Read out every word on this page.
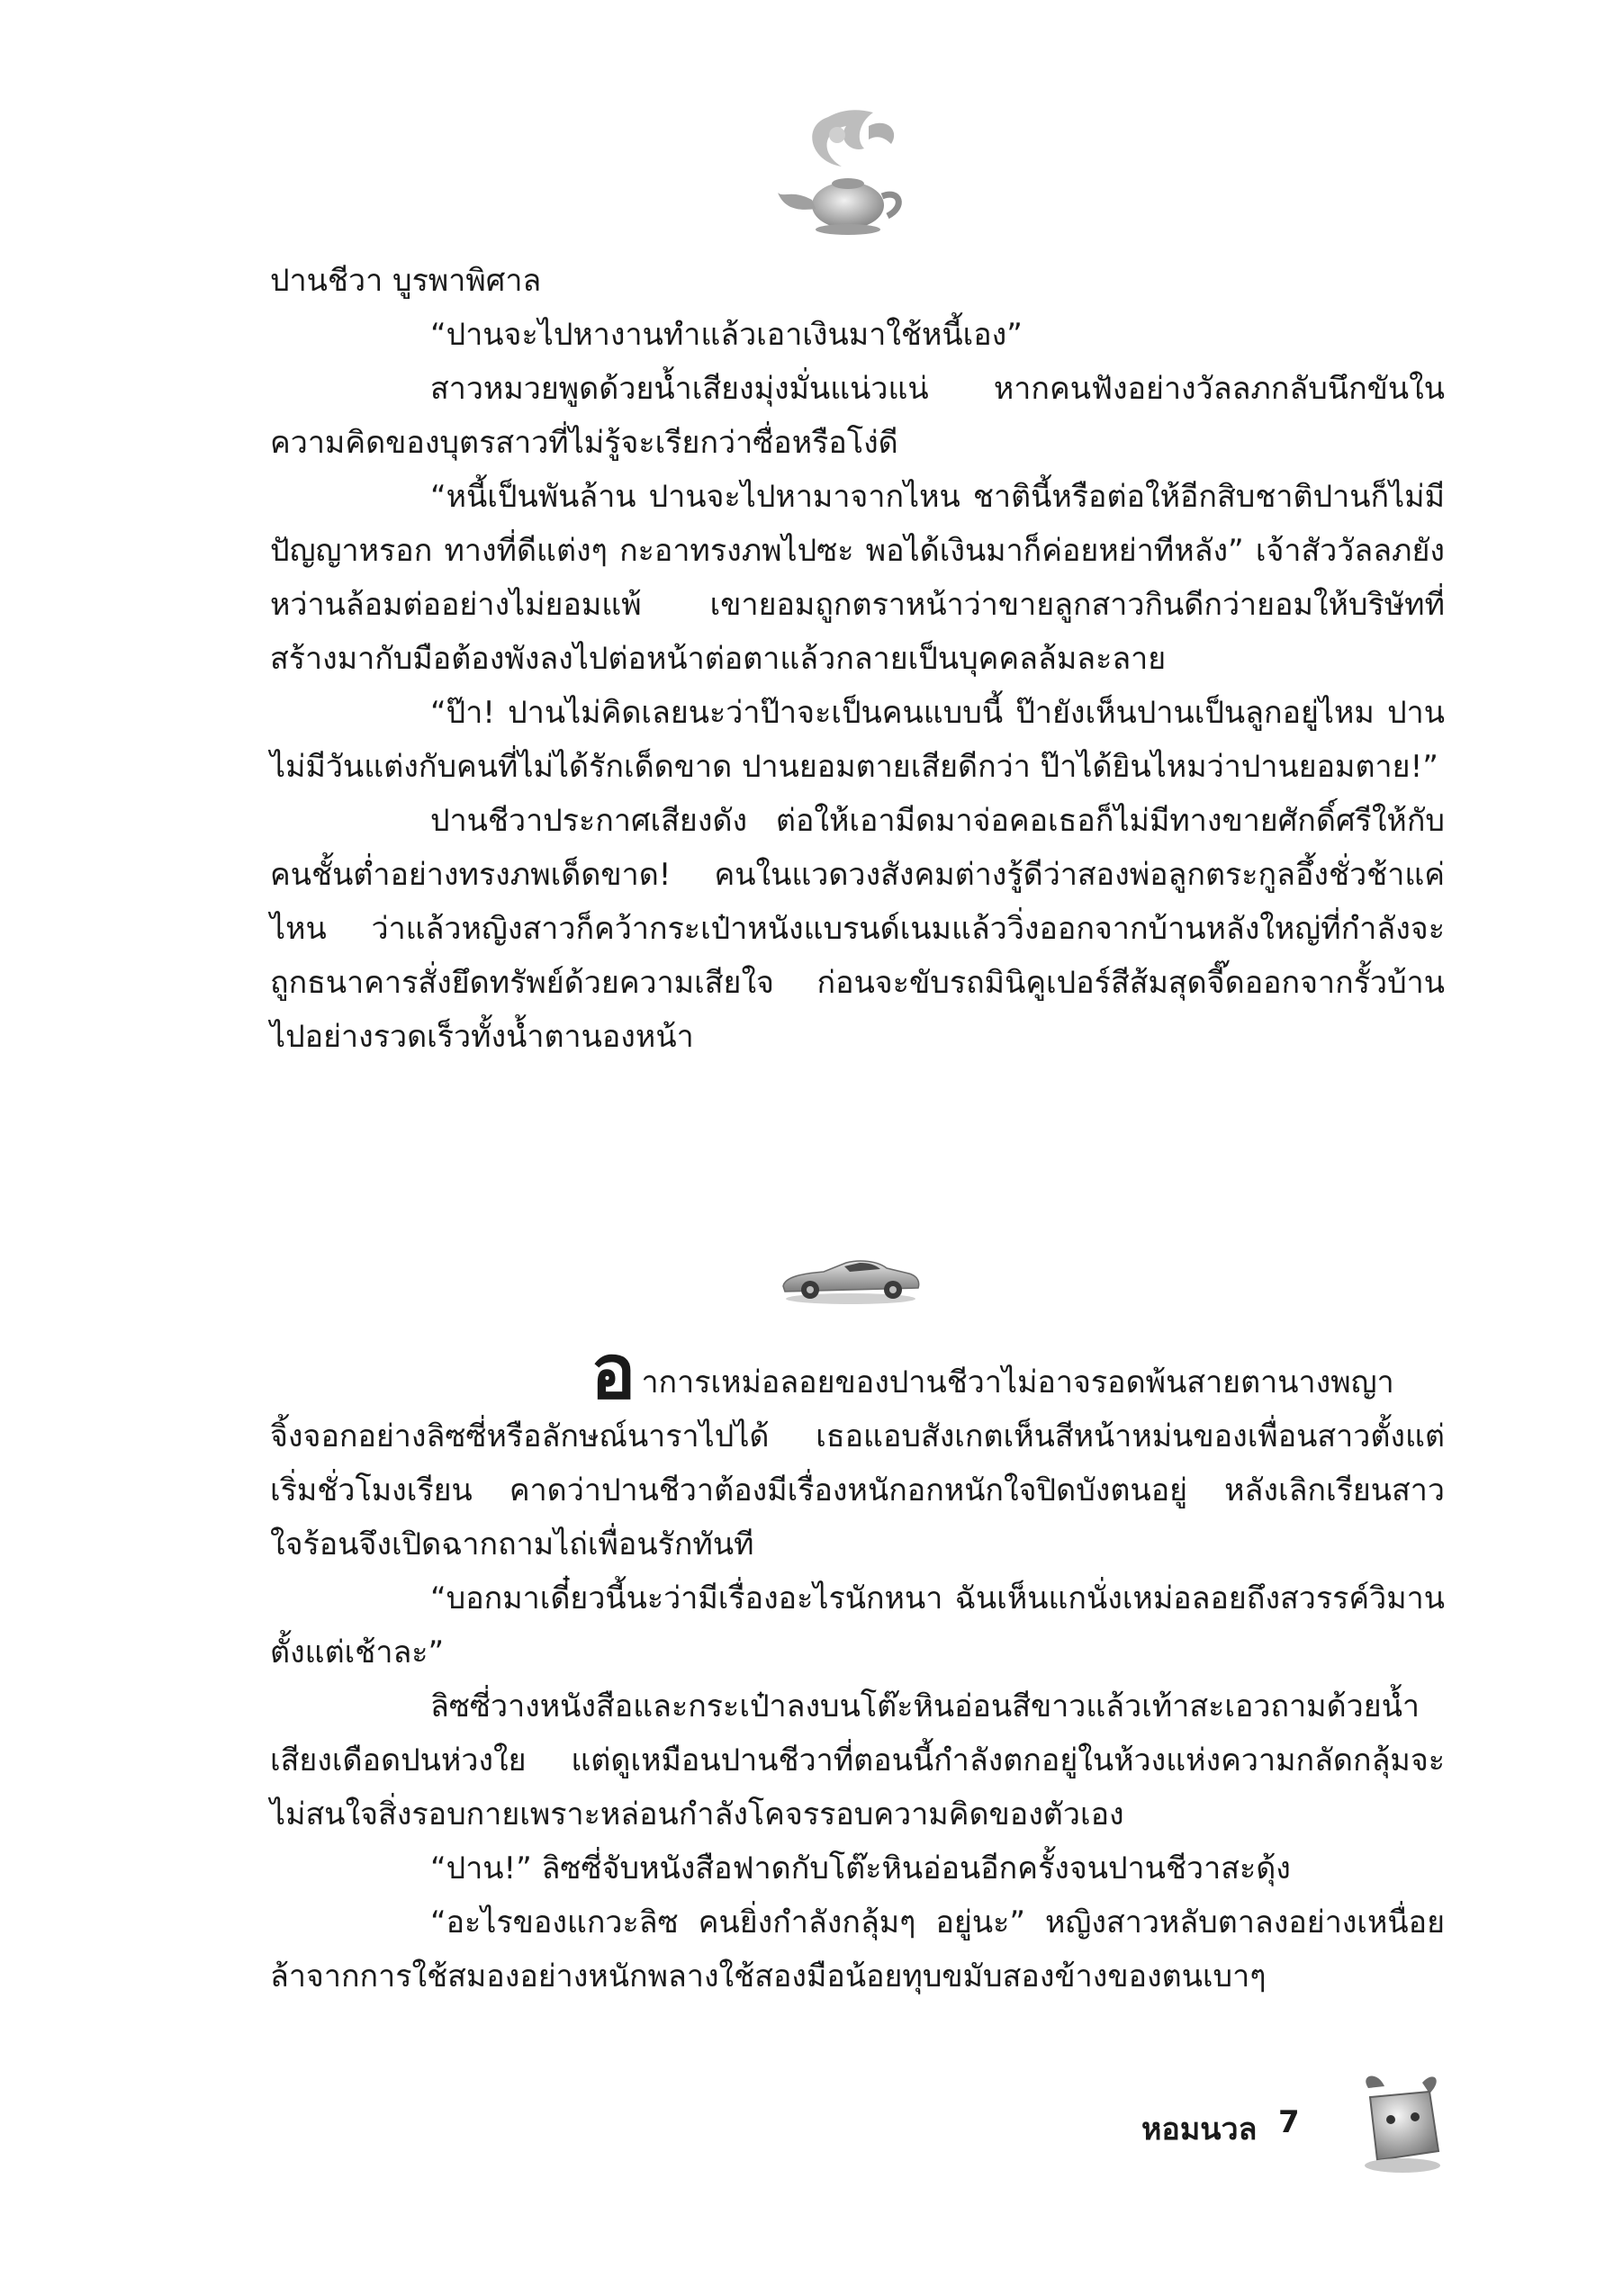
ปานชีวา บูรพาพิศาล

“ปานจะไปหางานทำแล้วเอาเงินมาใช้หนี้เอง”

สาวหมวยพูดด้วยน้ำเสียงมุ่งมั่นแน่วแน่ หากคนฟังอย่างวัลลภกลับนึกขันในความคิดของบุตรสาวที่ไม่รู้จะเรียกว่าซื่อหรือโง่ดี

“หนี้เป็นพันล้าน ปานจะไปหามาจากไหน ชาตินี้หรือต่อให้อีกสิบชาติปานก็ไม่มีปัญญาหรอก ทางที่ดีแต่งๆ กะอาทรงภพไปซะ พอได้เงินมาก็ค่อยหย่าทีหลัง” เจ้าสัววัลลภยังหว่านล้อมต่ออย่างไม่ยอมแพ้ เขายอมถูกตราหน้าว่าขายลูกสาวกินดีกว่ายอมให้บริษัทที่สร้างมากับมือต้องพังลงไปต่อหน้าต่อตาแล้วกลายเป็นบุคคลล้มละลาย

“ป๊า! ปานไม่คิดเลยนะว่าป๊าจะเป็นคนแบบนี้ ป๊ายังเห็นปานเป็นลูกอยู่ไหม ปานไม่มีวันแต่งกับคนที่ไม่ได้รักเด็ดขาด ปานยอมตายเสียดีกว่า ป๊าได้ยินไหมว่าปานยอมตาย!”

ปานชีวาประกาศเสียงดัง ต่อให้เอามีดมาจ่อคอเธอก็ไม่มีทางขายศักดิ์ศรีให้กับคนชั้นต่ำอย่างทรงภพเด็ดขาด! คนในแวดวงสังคมต่างรู้ดีว่าสองพ่อลูกตระกูลอึ้งชั่วช้าแค่ไหน ว่าแล้วหญิงสาวก็คว้ากระเป๋าหนังแบรนด์เนมแล้ววิ่งออกจากบ้านหลังใหญ่ที่กำลังจะถูกธนาคารสั่งยึดทรัพย์ด้วยความเสียใจ ก่อนจะขับรถมินิคูเปอร์สีส้มสุดจี๊ดออกจากรั้วบ้านไปอย่างรวดเร็วทั้งน้ำตานองหน้า

อาการเหม่อลอยของปานชีวาไม่อาจรอดพ้นสายตานางพญาจิ้งจอกอย่างลิซซี่หรือลักษณ์นาราไปได้ เธอแอบสังเกตเห็นสีหน้าหม่นของเพื่อนสาวตั้งแต่เริ่มชั่วโมงเรียน คาดว่าปานชีวาต้องมีเรื่องหนักอกหนักใจปิดบังตนอยู่ หลังเลิกเรียนสาวใจร้อนจึงเปิดฉากถามไถ่เพื่อนรักทันที

“บอกมาเดี๋ยวนี้นะว่ามีเรื่องอะไรนักหนา ฉันเห็นแกนั่งเหม่อลอยถึงสวรรค์วิมานตั้งแต่เช้าละ”

ลิซซี่วางหนังสือและกระเป๋าลงบนโต๊ะหินอ่อนสีขาวแล้วเท้าสะเอวถามด้วยน้ำเสียงเดือดปนห่วงใย แต่ดูเหมือนปานชีวาที่ตอนนี้กำลังตกอยู่ในห้วงแห่งความกลัดกลุ้มจะไม่สนใจสิ่งรอบกายเพราะหล่อนกำลังโคจรรอบความคิดของตัวเอง

“ปาน!” ลิซซี่จับหนังสือฟาดกับโต๊ะหินอ่อนอีกครั้งจนปานชีวาสะดุ้ง

“อะไรของแกวะลิซ คนยิ่งกำลังกลุ้มๆ อยู่นะ” หญิงสาวหลับตาลงอย่างเหนื่อยล้าจากการใช้สมองอย่างหนักพลางใช้สองมือน้อยทุบขมับสองข้างของตนเบาๆ

หอมนวล 7
